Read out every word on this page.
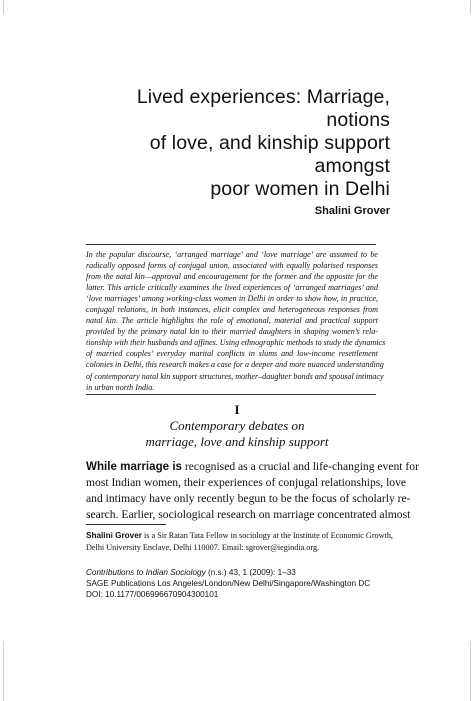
Lived experiences: Marriage, notions
of love, and kinship support amongst
poor women in Delhi
Shalini Grover
In the popular discourse, ‘arranged marriage’ and ‘love marriage’ are assumed to be
radically opposed forms of conjugal union, associated with equally polarised responses
from the natal kin—approval and encouragement for the former and the opposite for the
latter. This article critically examines the lived experiences of ‘arranged marriages’ and
‘love marriages’ among working-class women in Delhi in order to show how, in practice,
conjugal relations, in both instances, elicit complex and heterogeneous responses from
natal kin. The article highlights the role of emotional, material and practical support
provided by the primary natal kin to their married daughters in shaping women’s rela-
tionship with their husbands and affines. Using ethnographic methods to study the dynamics
of married couples’ everyday marital conflicts in slums and low-income resettlement
colonies in Delhi, this research makes a case for a deeper and more nuanced understanding
of contemporary natal kin support structures, mother–daughter bonds and spousal intimacy
in urban north India.
I
Contemporary debates on
marriage, love and kinship support
While marriage is recognised as a crucial and life-changing event for
most Indian women, their experiences of conjugal relationships, love
and intimacy have only recently begun to be the focus of scholarly re-
search. Earlier, sociological research on marriage concentrated almost
Shalini Grover is a Sir Ratan Tata Fellow in sociology at the Institute of Economic Growth,
Delhi University Enclave, Delhi 110007. Email: sgrover@iegindia.org.
Contributions to Indian Sociology (n.s.) 43, 1 (2009): 1–33
SAGE Publications Los Angeles/London/New Delhi/Singapore/Washington DC
DOI: 10.1177/006996670904300101
